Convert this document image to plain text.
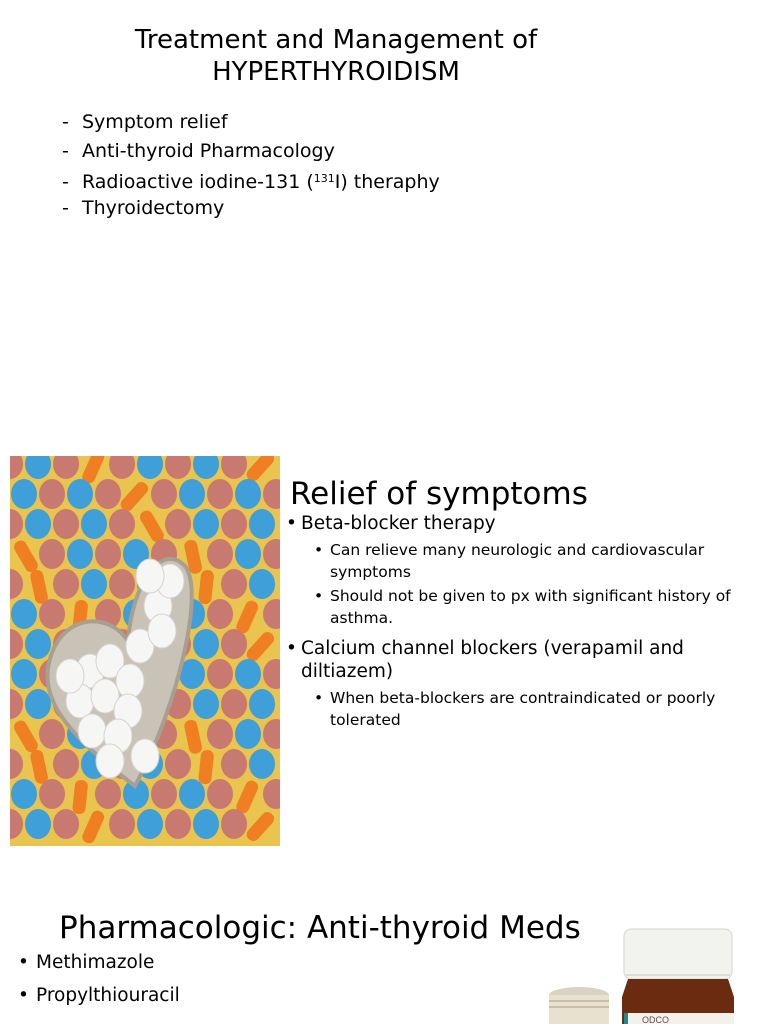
Treatment and Management of
HYPERTHYROIDISM
- Symptom relief
- Anti-thyroid Pharmacology
- Radioactive iodine-131 ($^{131}$I) theraphy
- Thyroidectomy
Relief of symptoms
• Beta-blocker therapy
• Can relieve many neurologic and cardiovascular symptoms
• Should not be given to px with significant history of asthma.
• Calcium channel blockers (verapamil and diltiazem)
• When beta-blockers are contraindicated or poorly tolerated
Pharmacologic: Anti-thyroid Meds
• Methimazole
• Propylthiouracil
ODCO
